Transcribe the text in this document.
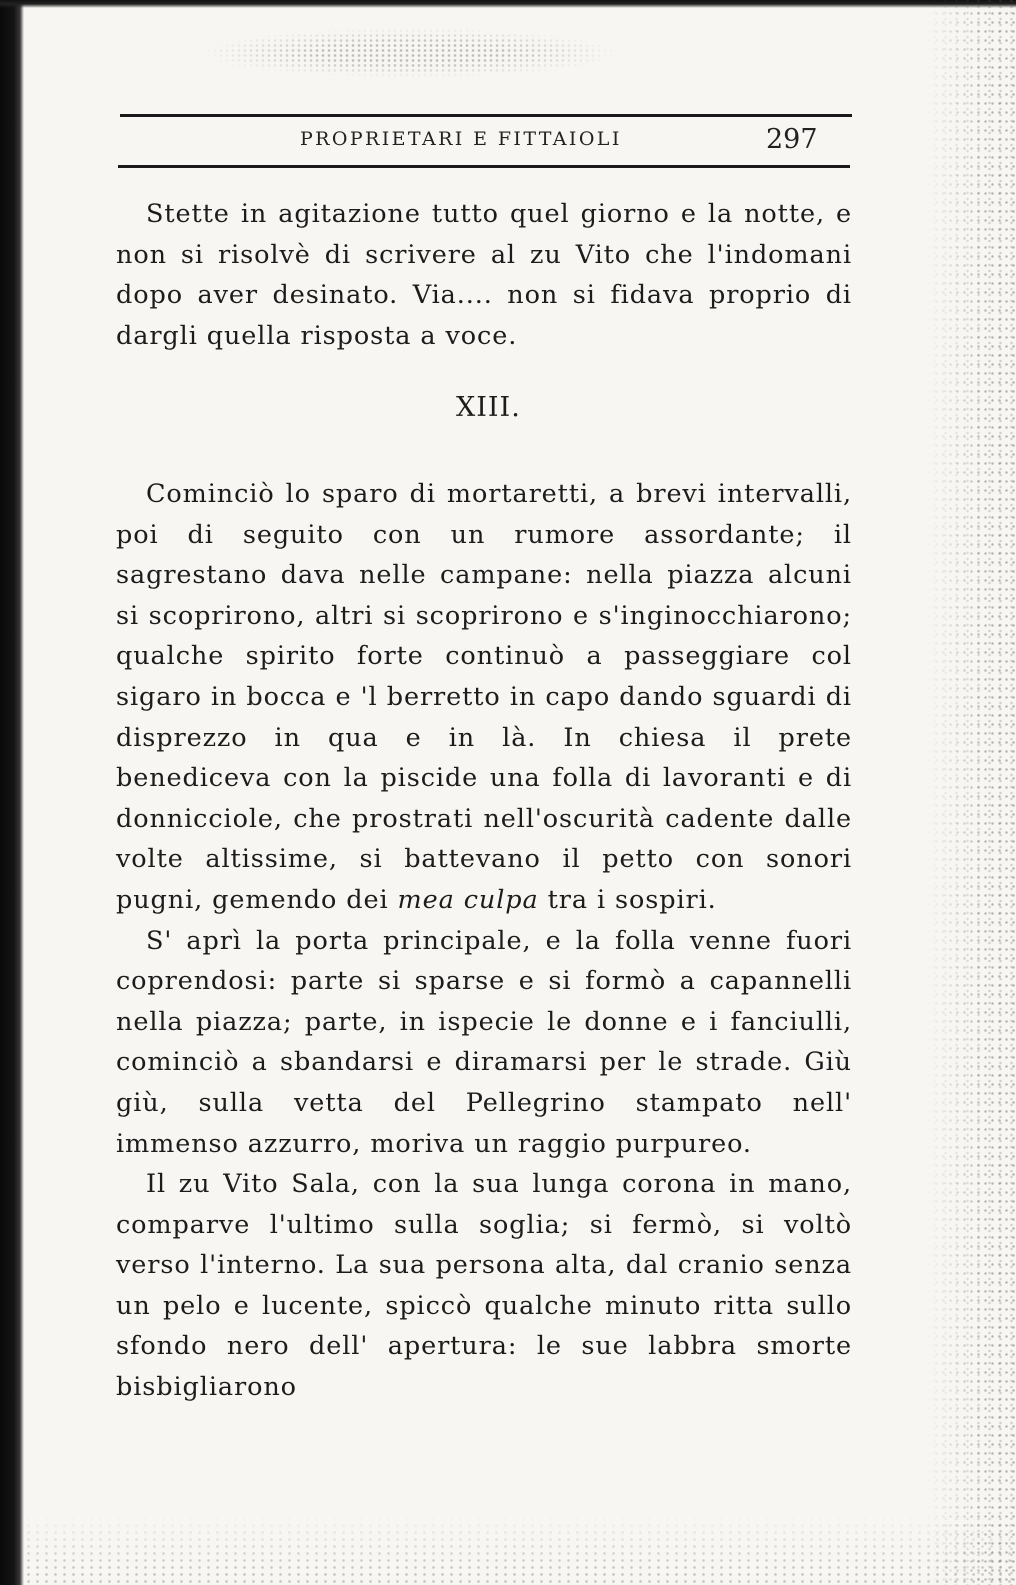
PROPRIETARI E FITTAIOLI	297

Stette in agitazione tutto quel giorno e la notte, e non si risolvè di scrivere al zu Vito che l'indomani dopo aver desinato. Via.... non si fidava proprio di dargli quella risposta a voce.

XIII.

Cominciò lo sparo di mortaretti, a brevi intervalli, poi di seguito con un rumore assordante; il sagrestano dava nelle campane: nella piazza alcuni si scoprirono, altri si scoprirono e s'inginocchiarono; qualche spirito forte continuò a passeggiare col sigaro in bocca e 'l berretto in capo dando sguardi di disprezzo in qua e in là. In chiesa il prete benediceva con la piscide una folla di lavoranti e di donnicciole, che prostrati nell'oscurità cadente dalle volte altissime, si battevano il petto con sonori pugni, gemendo dei mea culpa tra i sospiri.

S' aprì la porta principale, e la folla venne fuori coprendosi: parte si sparse e si formò a capannelli nella piazza; parte, in ispecie le donne e i fanciulli, cominciò a sbandarsi e diramarsi per le strade. Giù giù, sulla vetta del Pellegrino stampato nell' immenso azzurro, moriva un raggio purpureo.

Il zu Vito Sala, con la sua lunga corona in mano, comparve l'ultimo sulla soglia; si fermò, si voltò verso l'interno. La sua persona alta, dal cranio senza un pelo e lucente, spiccò qualche minuto ritta sullo sfondo nero dell' apertura: le sue labbra smorte bisbigliarono
